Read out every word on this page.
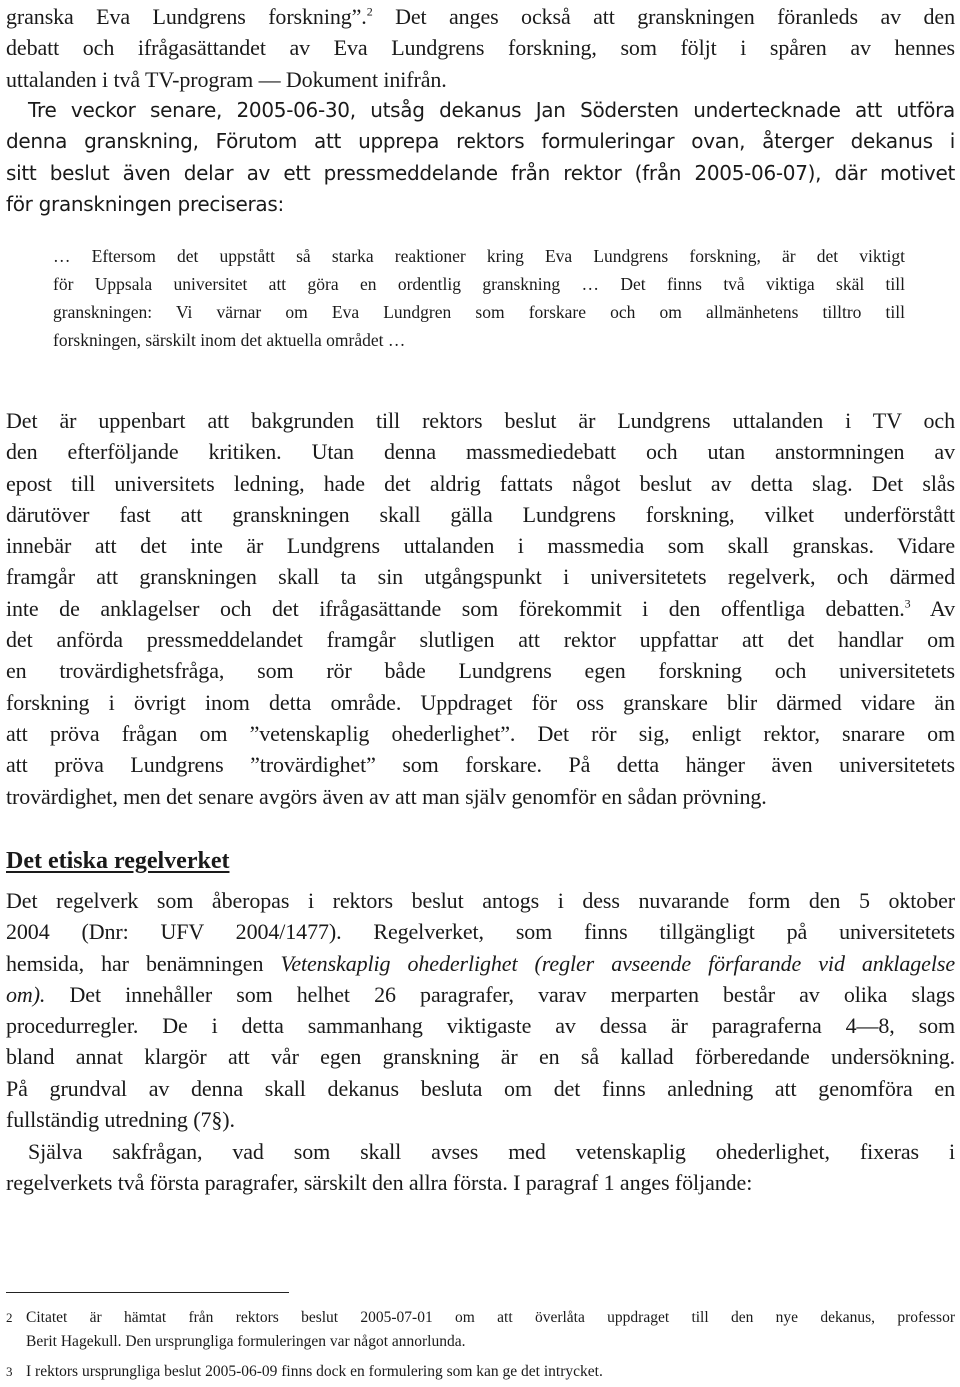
granska Eva Lundgrens forskning”.$^2$ Det anges också att granskningen föranleds av den
debatt och ifrågasättandet av Eva Lundgrens forskning, som följt i spåren av hennes
uttalanden i två TV-program — Dokument inifrån.
Tre veckor senare, 2005-06-30, utsåg dekanus Jan Södersten undertecknade att utföra
denna granskning, Förutom att upprepa rektors formuleringar ovan, återger dekanus i
sitt beslut även delar av ett pressmeddelande från rektor (från 2005-06-07), där motivet
för granskningen preciseras:
… Eftersom det uppstått så starka reaktioner kring Eva Lundgrens forskning, är det viktigt
för Uppsala universitet att göra en ordentlig granskning … Det finns två viktiga skäl till
granskningen: Vi värnar om Eva Lundgren som forskare och om allmänhetens tilltro till
forskningen, särskilt inom det aktuella området …
Det är uppenbart att bakgrunden till rektors beslut är Lundgrens uttalanden i TV och
den efterföljande kritiken. Utan denna massmediedebatt och utan anstormningen av
epost till universitets ledning, hade det aldrig fattats något beslut av detta slag. Det slås
därutöver fast att granskningen skall gälla Lundgrens forskning, vilket underförstått
innebär att det inte är Lundgrens uttalanden i massmedia som skall granskas. Vidare
framgår att granskningen skall ta sin utgångspunkt i universitetets regelverk, och därmed
inte de anklagelser och det ifrågasättande som förekommit i den offentliga debatten.$^3$ Av
det anförda pressmeddelandet framgår slutligen att rektor uppfattar att det handlar om
en trovärdighetsfråga, som rör både Lundgrens egen forskning och universitetets
forskning i övrigt inom detta område. Uppdraget för oss granskare blir därmed vidare än
att pröva frågan om ”vetenskaplig ohederlighet”. Det rör sig, enligt rektor, snarare om
att pröva Lundgrens ”trovärdighet” som forskare. På detta hänger även universitetets
trovärdighet, men det senare avgörs även av att man själv genomför en sådan prövning.
Det etiska regelverket
Det regelverk som åberopas i rektors beslut antogs i dess nuvarande form den 5 oktober
2004 (Dnr: UFV 2004/1477). Regelverket, som finns tillgängligt på universitetets
hemsida, har benämningen Vetenskaplig ohederlighet (regler avseende förfarande vid anklagelse
om). Det innehåller som helhet 26 paragrafer, varav merparten består av olika slags
procedurregler. De i detta sammanhang viktigaste av dessa är paragraferna 4—8, som
bland annat klargör att vår egen granskning är en så kallad förberedande undersökning.
På grundval av denna skall dekanus besluta om det finns anledning att genomföra en
fullständig utredning (7§).
Själva sakfrågan, vad som skall avses med vetenskaplig ohederlighet, fixeras i
regelverkets två första paragrafer, särskilt den allra första. I paragraf 1 anges följande:
2 Citatet är hämtat från rektors beslut 2005-07-01 om att överlåta uppdraget till den nye dekanus, professor
Berit Hagekull. Den ursprungliga formuleringen var något annorlunda.
3 I rektors ursprungliga beslut 2005-06-09 finns dock en formulering som kan ge det intrycket.
